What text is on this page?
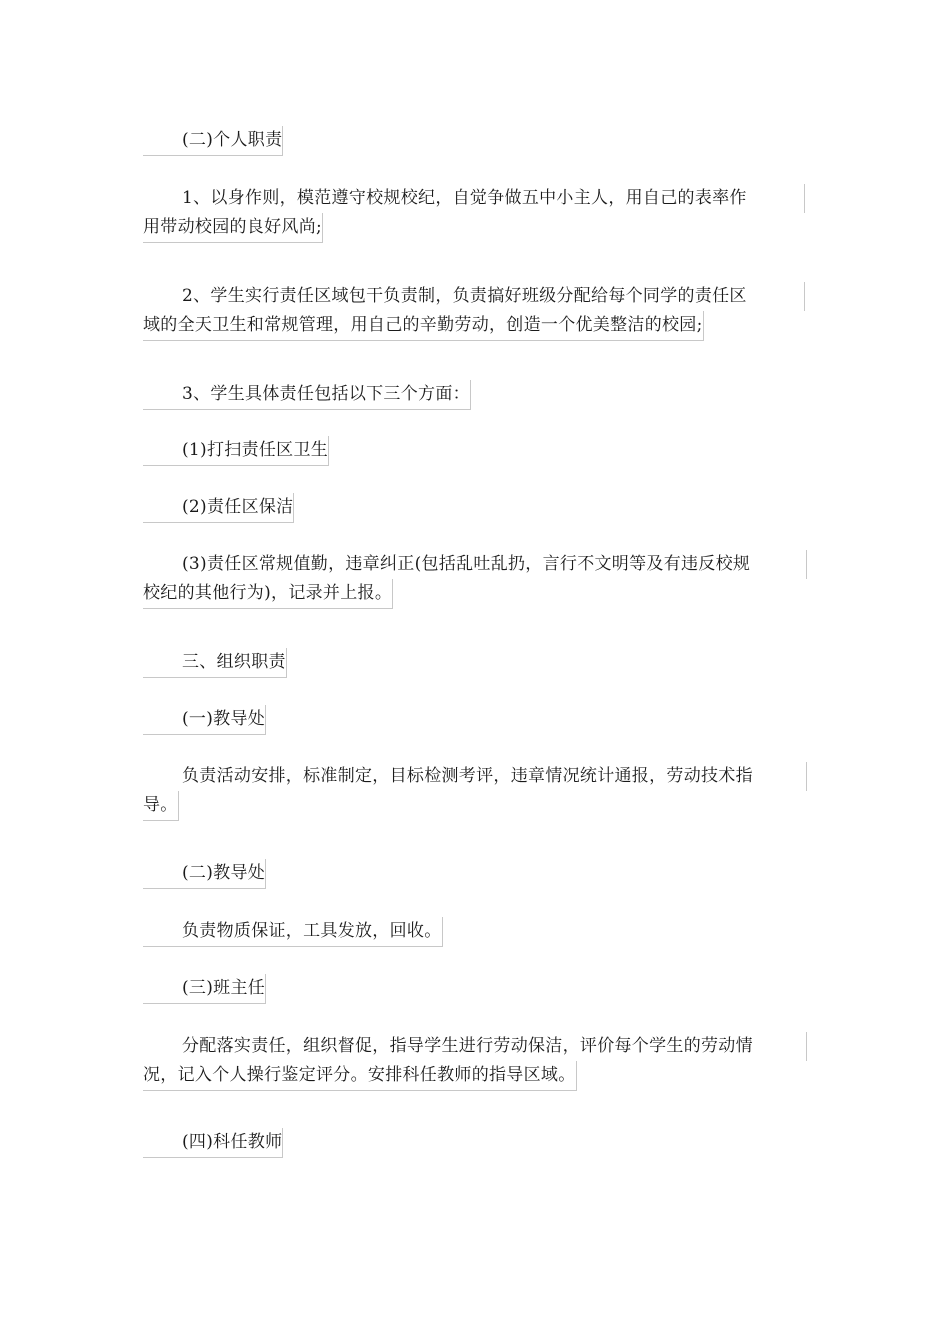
(二)个人职责
1、以身作则，模范遵守校规校纪，自觉争做五中小主人，用自己的表率作
用带动校园的良好风尚;
2、学生实行责任区域包干负责制，负责搞好班级分配给每个同学的责任区
域的全天卫生和常规管理，用自己的辛勤劳动，创造一个优美整洁的校园;
3、学生具体责任包括以下三个方面：
(1)打扫责任区卫生
(2)责任区保洁
(3)责任区常规值勤，违章纠正(包括乱吐乱扔，言行不文明等及有违反校规
校纪的其他行为)，记录并上报。
三、组织职责
(一)教导处
负责活动安排，标准制定，目标检测考评，违章情况统计通报，劳动技术指
导。
(二)教导处
负责物质保证，工具发放，回收。
(三)班主任
分配落实责任，组织督促，指导学生进行劳动保洁，评价每个学生的劳动情
况，记入个人操行鉴定评分。安排科任教师的指导区域。
(四)科任教师
